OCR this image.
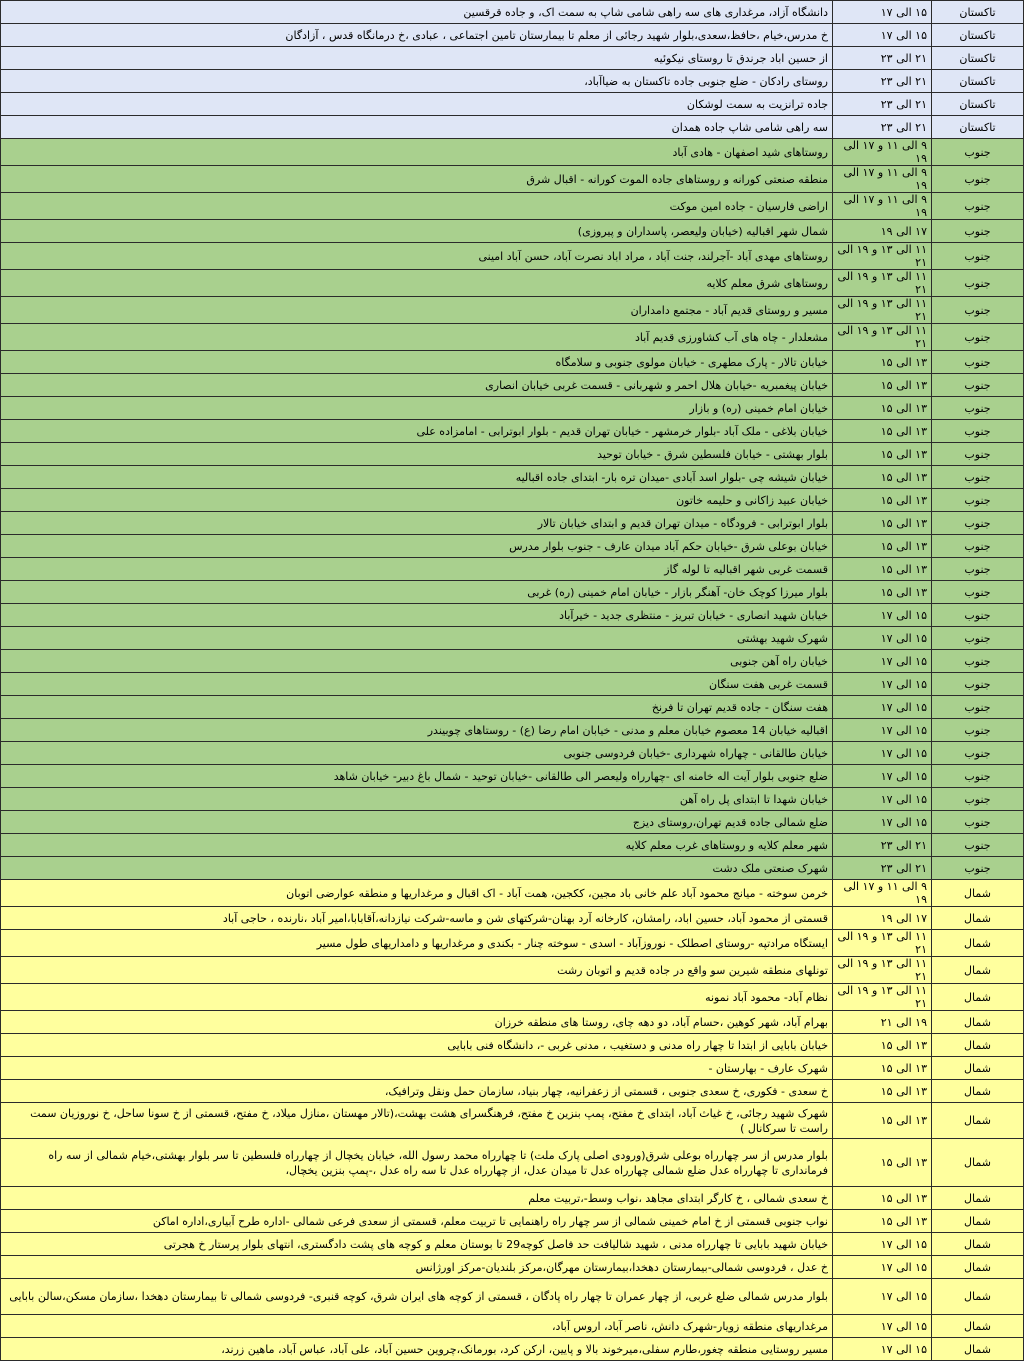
تاکستان	۱۵ الی ۱۷	دانشگاه آزاد، مرغداری های سه راهی شامی شاپ به سمت اک، و جاده قرقسین
تاکستان	۱۵ الی ۱۷	خ مدرس،خیام ،حافظ،سعدی،بلوار شهید رجائی از معلم تا بیمارستان تامین اجتماعی ، عبادی ،خ درمانگاه قدس ، آزادگان
تاکستان	۲۱ الی ۲۳	از حسین اباد جرندق تا روستای نیکوئیه
تاکستان	۲۱ الی ۲۳	روستای رادکان - ضلع جنوبی جاده تاکستان به ضیاآباد،
تاکستان	۲۱ الی ۲۳	جاده ترانزیت به سمت لوشکان
تاکستان	۲۱ الی ۲۳	سه راهی شامی شاپ جاده همدان
جنوب	۹ الی ۱۱ و ۱۷ الی ۱۹	روستاهای شید اصفهان - هادی آباد
جنوب	۹ الی ۱۱ و ۱۷ الی ۱۹	منطقه صنعتی کورانه و روستاهای جاده الموت کورانه - اقبال شرق
جنوب	۹ الی ۱۱ و ۱۷ الی ۱۹	اراضی فارسیان - جاده امین موکت
جنوب	۱۷ الی ۱۹	شمال شهر اقبالیه (خیابان ولیعصر، پاسداران و پیروزی)
جنوب	۱۱ الی ۱۳ و ۱۹ الی ۲۱	روستاهای مهدی آباد -آجرلند، جنت آباد ، مراد اباد نصرت آباد، حسن آباد امینی
جنوب	۱۱ الی ۱۳ و ۱۹ الی ۲۱	روستاهای شرق معلم کلایه
جنوب	۱۱ الی ۱۳ و ۱۹ الی ۲۱	مسیر و روستای قدیم آباد - مجتمع دامداران
جنوب	۱۱ الی ۱۳ و ۱۹ الی ۲۱	مشعلدار - چاه های آب کشاورزی قدیم آباد
جنوب	۱۳ الی ۱۵	خیابان تالار - پارک مطهری - خیابان مولوی جنوبی و سلامگاه
جنوب	۱۳ الی ۱۵	خیابان پیغمبریه -خیابان هلال احمر و شهربانی - قسمت غربی خیابان انصاری
جنوب	۱۳ الی ۱۵	خیابان امام خمینی (ره) و بازار
جنوب	۱۳ الی ۱۵	خیابان بلاغی - ملک آباد -بلوار خرمشهر - خیابان تهران قدیم - بلوار ابوترابی - امامزاده علی
جنوب	۱۳ الی ۱۵	بلوار بهشتی - خیابان فلسطین شرق - خیابان توحید
جنوب	۱۳ الی ۱۵	خیابان شیشه چی -بلوار اسد آبادی -میدان تره بار- ابتدای جاده اقبالیه
جنوب	۱۳ الی ۱۵	خیابان عبید زاکانی و حلیمه خاتون
جنوب	۱۳ الی ۱۵	بلوار ابوترابی - فرودگاه - میدان تهران قدیم و ابتدای خیابان تالار
جنوب	۱۳ الی ۱۵	خیابان بوعلی شرق -خیابان حکم آباد میدان عارف - جنوب بلوار مدرس
جنوب	۱۳ الی ۱۵	قسمت غربی شهر اقبالیه تا لوله گاز
جنوب	۱۳ الی ۱۵	بلوار میرزا کوچک خان- آهنگر بازار - خیابان امام خمینی (ره) غربی
جنوب	۱۵ الی ۱۷	خیابان شهید انصاری - خیابان تبریز - منتظری جدید - خیرآباد
جنوب	۱۵ الی ۱۷	شهرک شهید بهشتی
جنوب	۱۵ الی ۱۷	خیابان راه آهن جنوبی
جنوب	۱۵ الی ۱۷	قسمت غربی هفت سنگان
جنوب	۱۵ الی ۱۷	هفت سنگان - جاده قدیم تهران تا فرنخ
جنوب	۱۵ الی ۱۷	اقبالیه خیابان 14 معصوم خیابان معلم و مدنی - خیابان امام رضا (ع) - روستاهای چوبیندر
جنوب	۱۵ الی ۱۷	خیابان طالقانی - چهاراه شهرداری -خیابان فردوسی جنوبی
جنوب	۱۵ الی ۱۷	ضلع جنوبی بلوار آیت اله خامنه ای -چهارراه ولیعصر الی طالقانی -خیابان توحید - شمال باغ دبیر- خیابان شاهد
جنوب	۱۵ الی ۱۷	خیابان شهدا تا ابتدای پل راه آهن
جنوب	۱۵ الی ۱۷	ضلع شمالی جاده قدیم تهران،روستای دیزج
جنوب	۲۱ الی ۲۳	شهر معلم کلایه و روستاهای غرب معلم کلایه
جنوب	۲۱ الی ۲۳	شهرک صنعتی ملک دشت
شمال	۹ الی ۱۱ و ۱۷ الی ۱۹	خرمن سوخته - میانج محمود آباد علم خانی باد مجین، ککجین، همت آباد - اک اقبال و مرغداریها و منطقه عوارضی اتوبان
شمال	۱۷ الی ۱۹	قسمتی از محمود آباد، حسین اباد، رامشان، کارخانه آرد بهنان-شرکتهای شن و ماسه-شرکت نیازدانه،آقابابا،امیر آباد ،نارنده ، حاجی آباد
شمال	۱۱ الی ۱۳ و ۱۹ الی ۲۱	ایستگاه مرادتپه -روستای اصطلک - نوروزآباد - اسدی - سوخته چنار - بکندی و مرغداریها و دامداریهای طول مسیر
شمال	۱۱ الی ۱۳ و ۱۹ الی ۲۱	تونلهای منطقه شیرین سو واقع در جاده قدیم و اتوبان رشت
شمال	۱۱ الی ۱۳ و ۱۹ الی ۲۱	نظام آباد- محمود آباد نمونه
شمال	۱۹ الی ۲۱	بهرام آباد، شهر کوهین ،حسام آباد، دو دهه چای، روستا های منطقه خرزان
شمال	۱۳ الی ۱۵	خیابان بابایی از ابتدا تا چهار راه مدنی و دستغیب ، مدنی غربی -، دانشگاه فنی بابایی
شمال	۱۳ الی ۱۵	شهرک عارف - بهارستان -
شمال	۱۳ الی ۱۵	خ سعدی - فکوری، خ سعدی جنوبی ، قسمتی از زعفرانیه، چهار بنیاد، سازمان حمل ونقل وترافیک،
شمال	۱۳ الی ۱۵	شهرک شهید رجائی، خ غیاث آباد، ابتدای خ مفتح، پمپ بنزین خ مفتح، فرهنگسرای هشت بهشت،(تالار مهستان ،منازل میلاد، خ مفتح، قسمتی از خ سونا ساحل، خ نوروزیان سمت راست تا سرکانال )
شمال	۱۳ الی ۱۵	بلوار مدرس از سر چهارراه بوعلی شرق(ورودی اصلی پارک ملت) تا چهارراه محمد رسول الله، خیابان یخچال از چهارراه فلسطین تا سر بلوار بهشتی،خیام شمالی از سه راه فرمانداری تا چهارراه عدل ضلع شمالی چهارراه عدل تا میدان عدل، از چهارراه عدل تا سه راه عدل ،-پمپ بنزین یخچال،
شمال	۱۳ الی ۱۵	خ سعدی شمالی ، خ کارگر ابتدای مجاهد ،نواب وسط-،تربیت معلم
شمال	۱۳ الی ۱۵	نواب جنوبی قسمتی از خ امام خمینی شمالی از سر چهار راه راهنمایی تا تربیت معلم، قسمتی از سعدی فرعی شمالی -اداره طرح آبیاری،اداره اماکن
شمال	۱۵ الی ۱۷	خیابان شهید بابایی تا چهارراه مدنی ، شهید شالیافت حد فاصل کوچه29 تا بوستان معلم و کوچه های پشت دادگستری، انتهای بلوار پرستار خ هجرتی
شمال	۱۵ الی ۱۷	خ عدل ، فردوسی شمالی-بیمارستان دهخدا،بیمارستان مهرگان،مرکز بلندیان-مرکز اورژانس
شمال	۱۵ الی ۱۷	بلوار مدرس شمالی ضلع غربی، از چهار عمران تا چهار راه پادگان ، قسمتی از کوچه های ایران شرق، کوچه قنبری- فردوسی شمالی تا بیمارستان دهخدا ،سازمان مسکن،سالن بابایی
شمال	۱۵ الی ۱۷	مرغداریهای منطقه زویار-شهرک دانش، ناصر آباد، اروس آباد،
شمال	۱۵ الی ۱۷	مسیر روستایی منطقه چغور،طارم سفلی،میرخوند بالا و پایین، ارکن کرد، بورمانک،چروین حسین آباد، علی آباد، عباس آباد، ماهین زرند،
